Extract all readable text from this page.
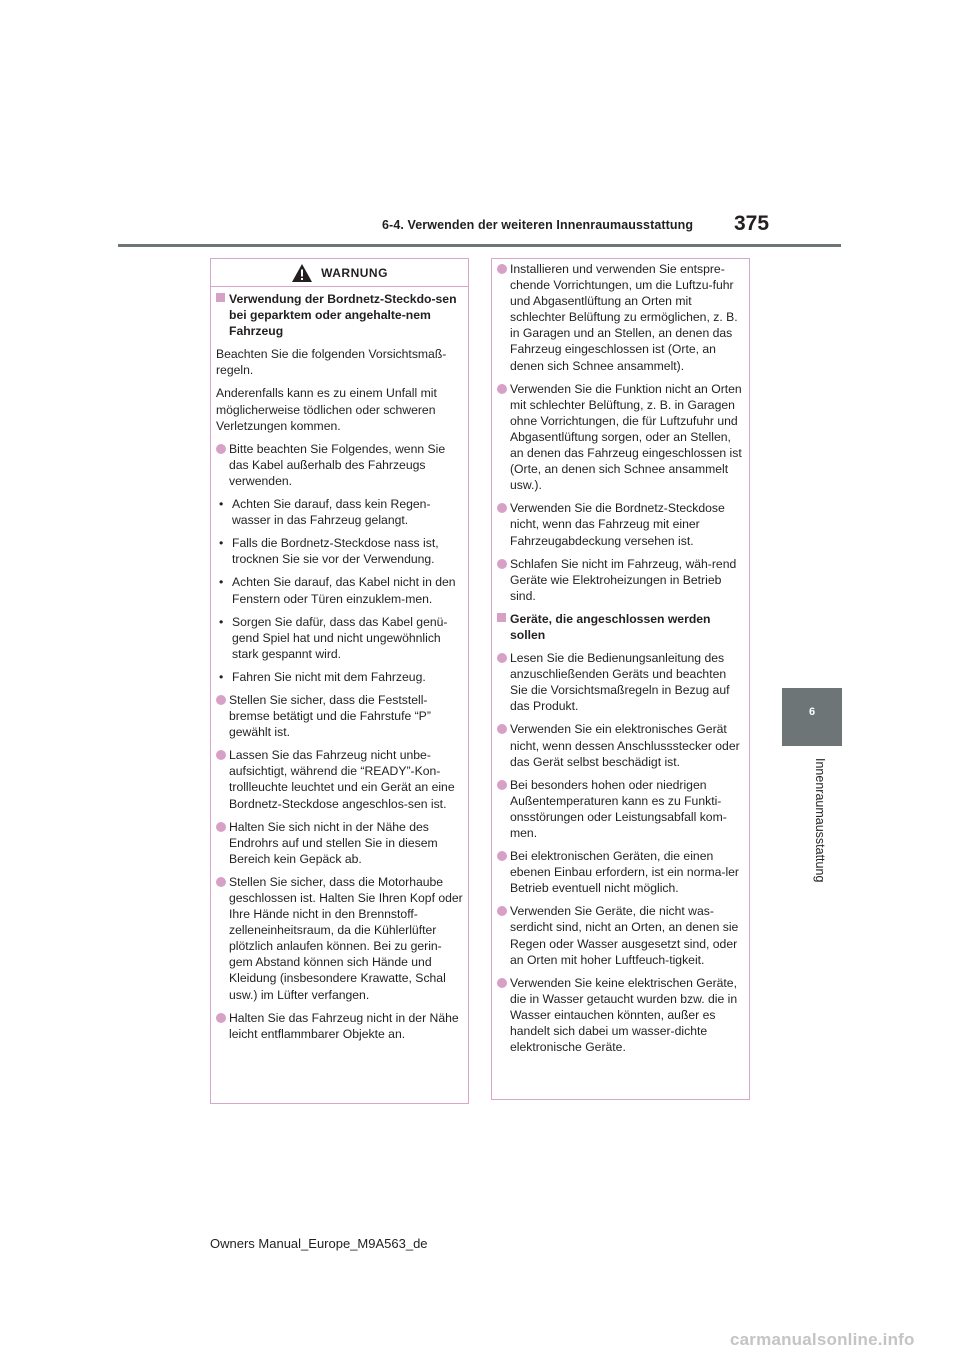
6-4. Verwenden der weiteren Innenraumausstattung 375
6
Innenraumausstattung
WARNUNG
Verwendung der Bordnetz-Steckdo-sen bei geparktem oder angehalte-nem Fahrzeug

Beachten Sie die folgenden Vorsichtsmaß-regeln.

Anderenfalls kann es zu einem Unfall mit möglicherweise tödlichen oder schweren Verletzungen kommen.

Bitte beachten Sie Folgendes, wenn Sie das Kabel außerhalb des Fahrzeugs verwenden.
• Achten Sie darauf, dass kein Regen-wasser in das Fahrzeug gelangt.
• Falls die Bordnetz-Steckdose nass ist, trocknen Sie sie vor der Verwendung.
• Achten Sie darauf, das Kabel nicht in den Fenstern oder Türen einzuklem-men.
• Sorgen Sie dafür, dass das Kabel genü-gend Spiel hat und nicht ungewöhnlich stark gespannt wird.
• Fahren Sie nicht mit dem Fahrzeug.
Stellen Sie sicher, dass die Feststell-bremse betätigt und die Fahrstufe “P” gewählt ist.
Lassen Sie das Fahrzeug nicht unbe-aufsichtigt, während die “READY”-Kon-trollleuchte leuchtet und ein Gerät an eine Bordnetz-Steckdose angeschlos-sen ist.
Halten Sie sich nicht in der Nähe des Endrohrs auf und stellen Sie in diesem Bereich kein Gepäck ab.
Stellen Sie sicher, dass die Motorhaube geschlossen ist. Halten Sie Ihren Kopf oder Ihre Hände nicht in den Brennstoff-zelleneinheitsraum, da die Kühlerlüfter plötzlich anlaufen können. Bei zu gerin-gem Abstand können sich Hände und Kleidung (insbesondere Krawatte, Schal usw.) im Lüfter verfangen.
Halten Sie das Fahrzeug nicht in der Nähe leicht entflammbarer Objekte an.
Installieren und verwenden Sie entspre-chende Vorrichtungen, um die Luftzu-fuhr und Abgasentlüftung an Orten mit schlechter Belüftung zu ermöglichen, z. B. in Garagen und an Stellen, an denen das Fahrzeug eingeschlossen ist (Orte, an denen sich Schnee ansammelt).
Verwenden Sie die Funktion nicht an Orten mit schlechter Belüftung, z. B. in Garagen ohne Vorrichtungen, die für Luftzufuhr und Abgasentlüftung sorgen, oder an Stellen, an denen das Fahrzeug eingeschlossen ist (Orte, an denen sich Schnee ansammelt usw.).
Verwenden Sie die Bordnetz-Steckdose nicht, wenn das Fahrzeug mit einer Fahrzeugabdeckung versehen ist.
Schlafen Sie nicht im Fahrzeug, wäh-rend Geräte wie Elektroheizungen in Betrieb sind.
Geräte, die angeschlossen werden sollen
Lesen Sie die Bedienungsanleitung des anzuschließenden Geräts und beachten Sie die Vorsichtsmaßregeln in Bezug auf das Produkt.
Verwenden Sie ein elektronisches Gerät nicht, wenn dessen Anschlussstecker oder das Gerät selbst beschädigt ist.
Bei besonders hohen oder niedrigen Außentemperaturen kann es zu Funkti-onsstörungen oder Leistungsabfall kom-men.
Bei elektronischen Geräten, die einen ebenen Einbau erfordern, ist ein norma-ler Betrieb eventuell nicht möglich.
Verwenden Sie Geräte, die nicht was-serdicht sind, nicht an Orten, an denen sie Regen oder Wasser ausgesetzt sind, oder an Orten mit hoher Luftfeuch-tigkeit.
Verwenden Sie keine elektrischen Geräte, die in Wasser getaucht wurden bzw. die in Wasser eintauchen könnten, außer es handelt sich dabei um wasser-dichte elektronische Geräte.
Owners Manual_Europe_M9A563_de
carmanualsonline.info
